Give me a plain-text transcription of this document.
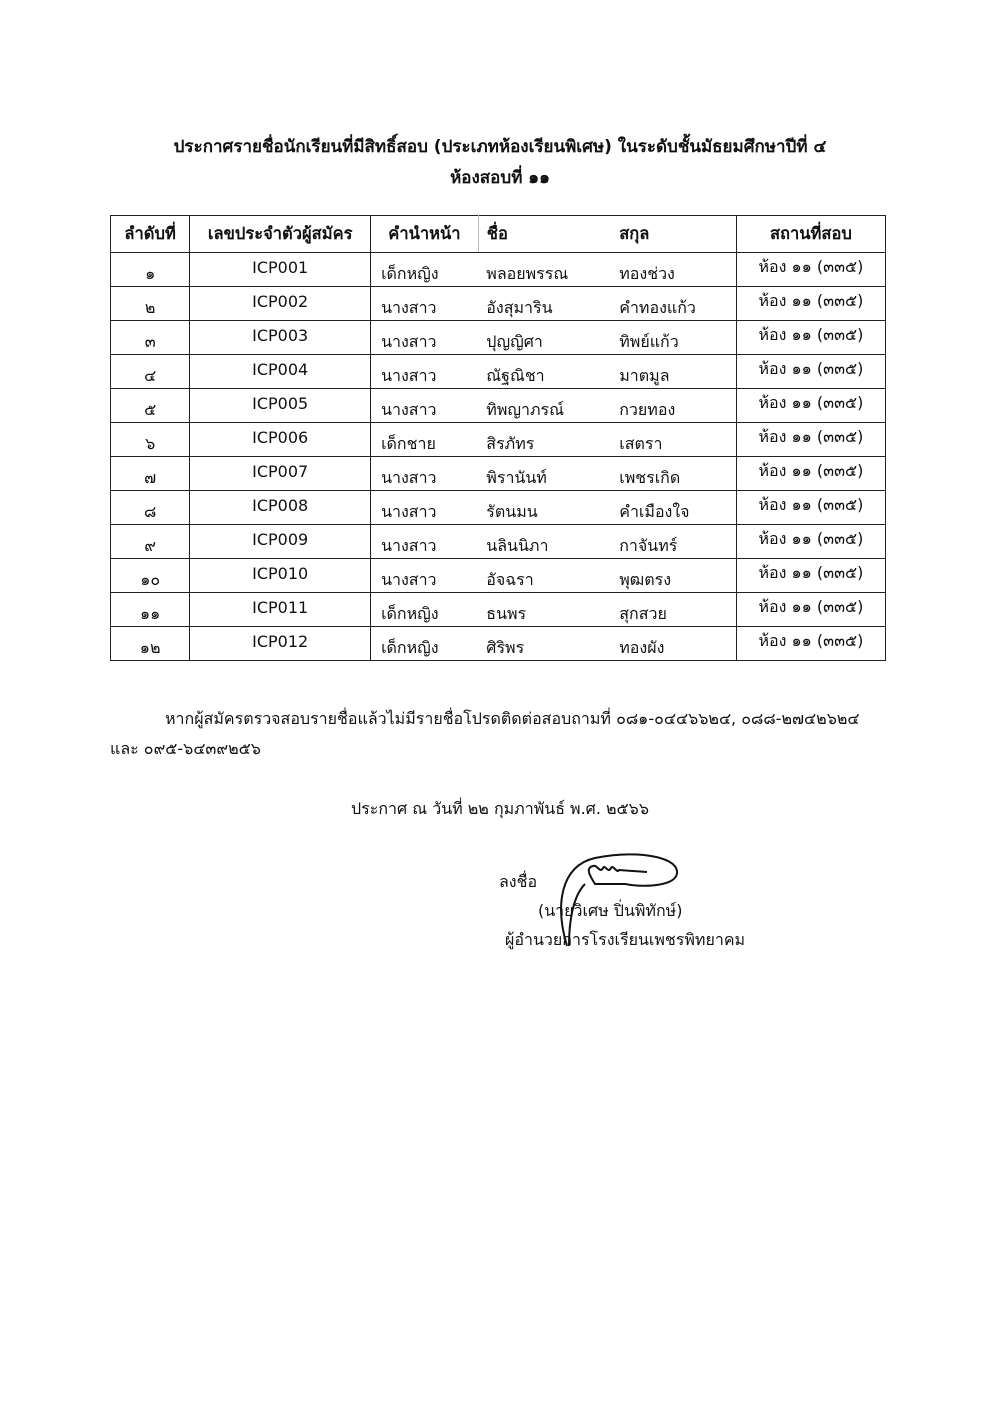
ประกาศรายชื่อนักเรียนที่มีสิทธิ์สอบ (ประเภทห้องเรียนพิเศษ) ในระดับชั้นมัธยมศึกษาปีที่ ๔
ห้องสอบที่ ๑๑
ลำดับที่	เลขประจำตัวผู้สมัคร	คำนำหน้า	ชื่อ	สกุล	สถานที่สอบ
๑	ICP001	เด็กหญิง	พลอยพรรณ	ทองช่วง	ห้อง ๑๑ (๓๓๕)
๒	ICP002	นางสาว	อังสุมาริน	คำทองแก้ว	ห้อง ๑๑ (๓๓๕)
๓	ICP003	นางสาว	ปุญญิศา	ทิพย์แก้ว	ห้อง ๑๑ (๓๓๕)
๔	ICP004	นางสาว	ณัฐณิชา	มาตมูล	ห้อง ๑๑ (๓๓๕)
๕	ICP005	นางสาว	ทิพญาภรณ์	กวยทอง	ห้อง ๑๑ (๓๓๕)
๖	ICP006	เด็กชาย	สิรภัทร	เสตรา	ห้อง ๑๑ (๓๓๕)
๗	ICP007	นางสาว	พิรานันท์	เพชรเกิด	ห้อง ๑๑ (๓๓๕)
๘	ICP008	นางสาว	รัตนมน	คำเมืองใจ	ห้อง ๑๑ (๓๓๕)
๙	ICP009	นางสาว	นลินนิภา	กาจันทร์	ห้อง ๑๑ (๓๓๕)
๑๐	ICP010	นางสาว	อัจฉรา	พุฒตรง	ห้อง ๑๑ (๓๓๕)
๑๑	ICP011	เด็กหญิง	ธนพร	สุกสวย	ห้อง ๑๑ (๓๓๕)
๑๒	ICP012	เด็กหญิง	ศิริพร	ทองผัง	ห้อง ๑๑ (๓๓๕)
หากผู้สมัครตรวจสอบรายชื่อแล้วไม่มีรายชื่อโปรดติดต่อสอบถามที่ ๐๘๑-๐๔๔๖๖๒๔, ๐๘๘-๒๗๔๒๖๒๔
และ ๐๙๕-๖๔๓๙๒๕๖
ประกาศ ณ วันที่ ๒๒ กุมภาพันธ์ พ.ศ. ๒๕๖๖
ลงชื่อ
(นายวิเศษ ปิ่นพิทักษ์)
ผู้อำนวยการโรงเรียนเพชรพิทยาคม
